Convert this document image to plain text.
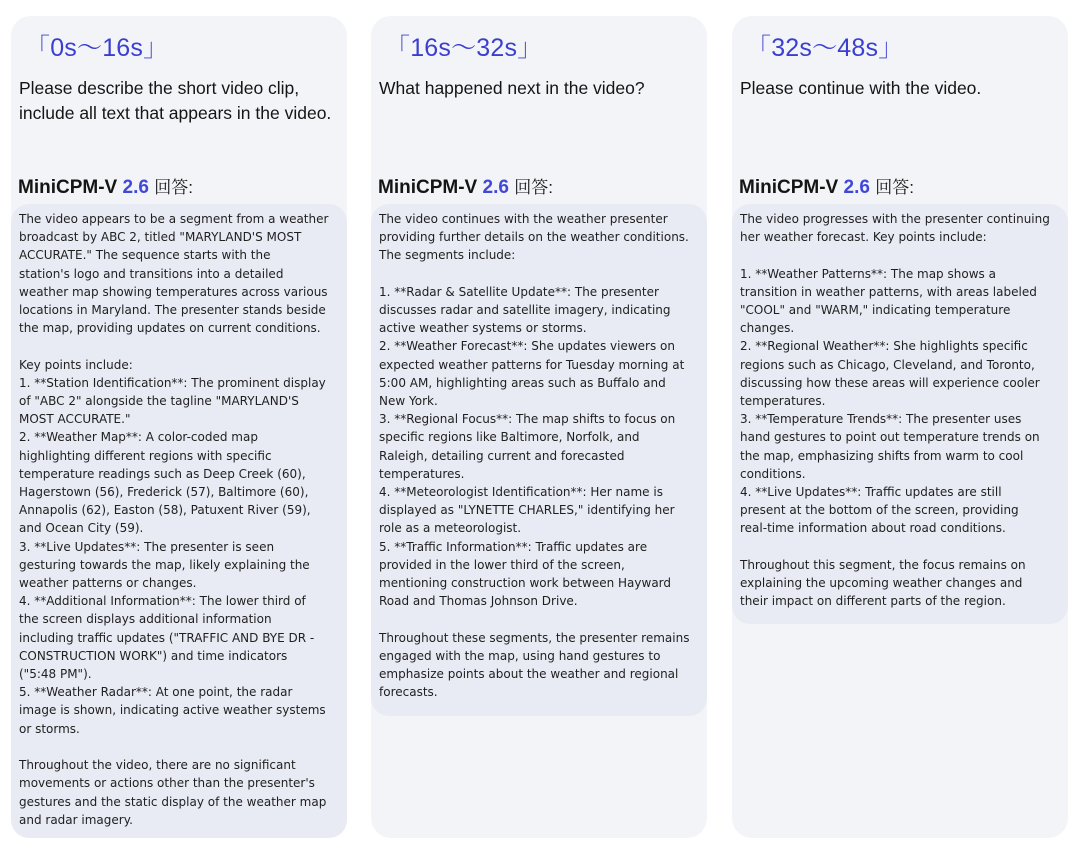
「0s～16s」
Please describe the short video clip, include all text that appears in the video.
MiniCPM-V 2.6 回答:

The video appears to be a segment from a weather
broadcast by ABC 2, titled "MARYLAND'S MOST
ACCURATE." The sequence starts with the
station's logo and transitions into a detailed
weather map showing temperatures across various
locations in Maryland. The presenter stands beside
the map, providing updates on current conditions.

Key points include:
1. **Station Identification**: The prominent display
of "ABC 2" alongside the tagline "MARYLAND'S
MOST ACCURATE."
2. **Weather Map**: A color-coded map
highlighting different regions with specific
temperature readings such as Deep Creek (60),
Hagerstown (56), Frederick (57), Baltimore (60),
Annapolis (62), Easton (58), Patuxent River (59),
and Ocean City (59).
3. **Live Updates**: The presenter is seen
gesturing towards the map, likely explaining the
weather patterns or changes.
4. **Additional Information**: The lower third of
the screen displays additional information
including traffic updates ("TRAFFIC AND BYE DR -
CONSTRUCTION WORK") and time indicators
("5:48 PM").
5. **Weather Radar**: At one point, the radar
image is shown, indicating active weather systems
or storms.

Throughout the video, there are no significant
movements or actions other than the presenter's
gestures and the static display of the weather map
and radar imagery.

「16s～32s」
What happened next in the video?
MiniCPM-V 2.6 回答:

The video continues with the weather presenter
providing further details on the weather conditions.
The segments include:

1. **Radar & Satellite Update**: The presenter
discusses radar and satellite imagery, indicating
active weather systems or storms.
2. **Weather Forecast**: She updates viewers on
expected weather patterns for Tuesday morning at
5:00 AM, highlighting areas such as Buffalo and
New York.
3. **Regional Focus**: The map shifts to focus on
specific regions like Baltimore, Norfolk, and
Raleigh, detailing current and forecasted
temperatures.
4. **Meteorologist Identification**: Her name is
displayed as "LYNETTE CHARLES," identifying her
role as a meteorologist.
5. **Traffic Information**: Traffic updates are
provided in the lower third of the screen,
mentioning construction work between Hayward
Road and Thomas Johnson Drive.

Throughout these segments, the presenter remains
engaged with the map, using hand gestures to
emphasize points about the weather and regional
forecasts.

「32s～48s」
Please continue with the video.
MiniCPM-V 2.6 回答:

The video progresses with the presenter continuing
her weather forecast. Key points include:

1. **Weather Patterns**: The map shows a
transition in weather patterns, with areas labeled
"COOL" and "WARM," indicating temperature
changes.
2. **Regional Weather**: She highlights specific
regions such as Chicago, Cleveland, and Toronto,
discussing how these areas will experience cooler
temperatures.
3. **Temperature Trends**: The presenter uses
hand gestures to point out temperature trends on
the map, emphasizing shifts from warm to cool
conditions.
4. **Live Updates**: Traffic updates are still
present at the bottom of the screen, providing
real-time information about road conditions.

Throughout this segment, the focus remains on
explaining the upcoming weather changes and
their impact on different parts of the region.
